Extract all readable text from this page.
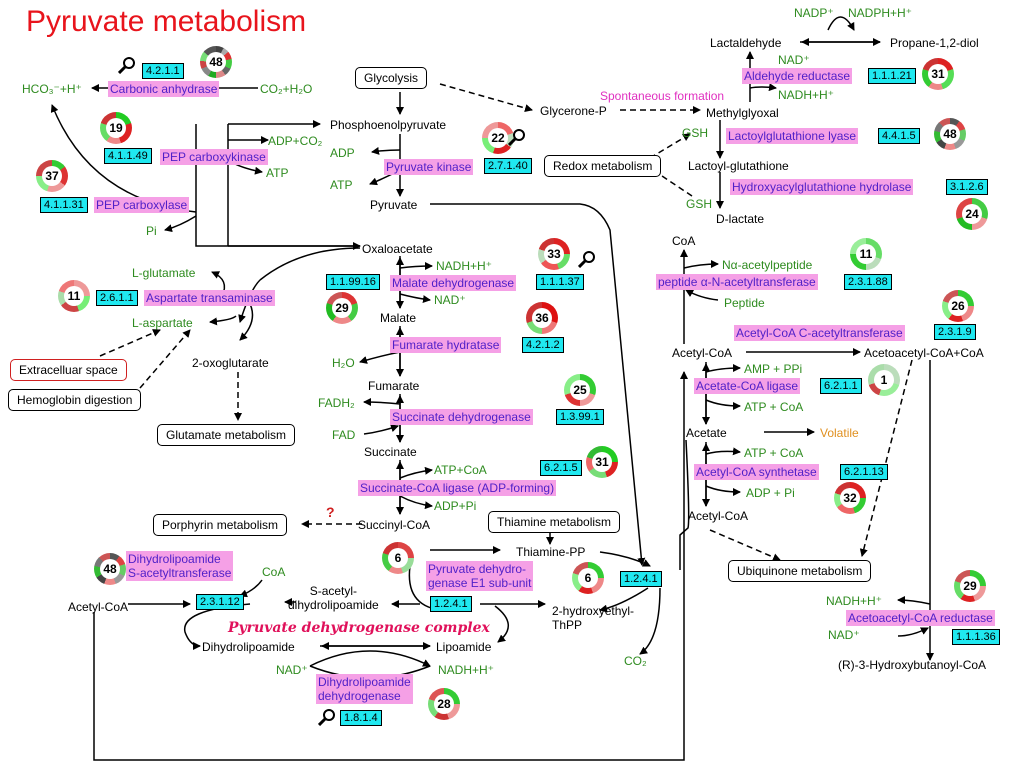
Pyruvate metabolism
Glycerone-P
Phosphoenolpyruvate
Pyruvate
Oxaloacetate
Malate
Fumarate
Succinate
Succinyl-CoA
Thiamine-PP
2-hydroxyethyl-
ThPP
S-acetyl-
dihydrolipoamide
Dihydrolipoamide	Lipoamide
Acetyl-CoA
2-oxoglutarate
Lactaldehyde	Propane-1,2-diol
Methylglyoxal
Lactoyl-glutathione
D-lactate
Acetyl-CoA	Acetoacetyl-CoA+CoA
Acetate
Acetyl-CoA
(R)-3-Hydroxybutanoyl-CoA
CoA
HCO₃⁻+H⁺	CO₂+H₂O
ADP+CO₂
ATP
ADP
ATP
Pi
L-glutamate
L-aspartate
NADH+H⁺
NAD⁺
H₂O
FADH₂
FAD
ATP+CoA
ADP+Pi
CoA
CO₂
NAD⁺	NADH+H⁺
NADP⁺ NADPH+H⁺
NAD⁺
NADH+H⁺
GSH
GSH
Nα-acetylpeptide
Peptide
AMP + PPi
ATP + CoA
ATP + CoA
ADP + Pi
NADH+H⁺
NAD⁺
Volatile
Spontaneous formation
Pyruvate dehydrogenase complex
?
Glycolysis
Redox metabolism
Extracelluar space
Hemoglobin digestion
Glutamate metabolism
Porphyrin metabolism	Thiamine metabolism
Ubiquinone metabolism
Carbonic anhydrase
PEP carboxykinase
PEP carboxylase
Pyruvate kinase
Aspartate transaminase
Malate dehydrogenase
Fumarate hydratase
Succinate dehydrogenase
Succinate-CoA ligase (ADP-forming)
Dihydrolipoamide
S-acetyltransferase	Pyruvate dehydro-
genase E1 sub-unit
Dihydrolipoamide
dehydrogenase
Aldehyde reductase
Lactoylglutathione lyase
Hydroxyacylglutathione hydrolase
peptide α-N-acetyltransferase
Acetyl-CoA C-acetyltransferase
Acetate-CoA ligase
Acetyl-CoA synthetase
Acetoacetyl-CoA reductase
4.2.1.1
4.1.1.49
4.1.1.31
2.7.1.40
2.6.1.1
1.1.99.16	1.1.1.37
4.2.1.2
1.3.99.1
6.2.1.5
2.3.1.12	1.2.4.1
1.2.4.1
1.8.1.4
1.1.1.21
4.4.1.5
3.1.2.6
2.3.1.88
2.3.1.9
6.2.1.1
6.2.1.13
1.1.1.36
48
19
37
22
11
33
29
36
25
31
48
6
6
28
31
48
24
11
26
1
32
29
